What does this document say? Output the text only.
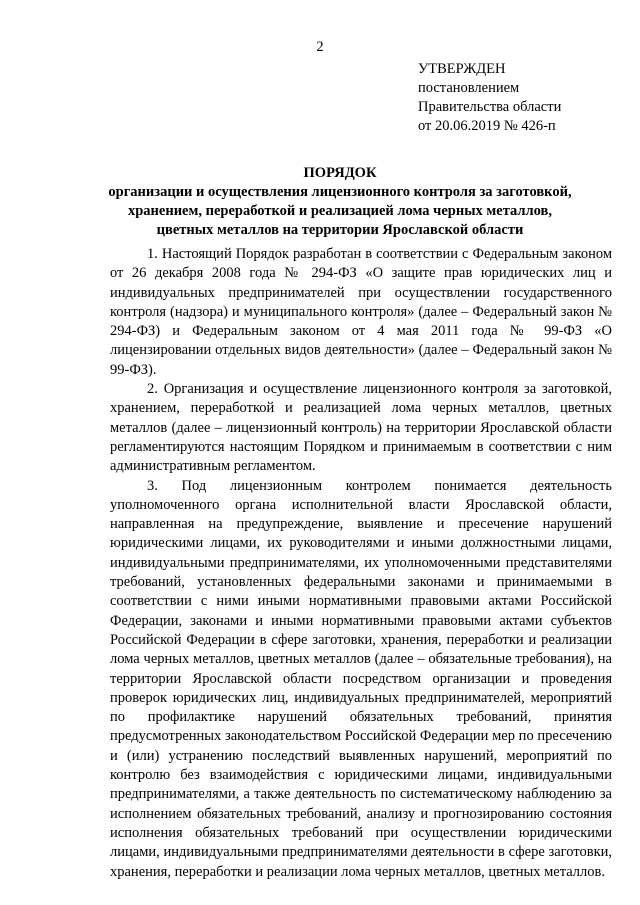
2
УТВЕРЖДЕН
постановлением
Правительства области
от 20.06.2019 № 426-п
ПОРЯДОК
организации и осуществления лицензионного контроля за заготовкой,
хранением, переработкой и реализацией лома черных металлов,
цветных металлов на территории Ярославской области

1. Настоящий Порядок разработан в соответствии с Федеральным законом от 26 декабря 2008 года № 294-ФЗ «О защите прав юридических лиц и индивидуальных предпринимателей при осуществлении государственного контроля (надзора) и муниципального контроля» (далее – Федеральный закон № 294-ФЗ) и Федеральным законом от 4 мая 2011 года № 99-ФЗ «О лицензировании отдельных видов деятельности» (далее – Федеральный закон № 99-ФЗ).

2. Организация и осуществление лицензионного контроля за заготовкой, хранением, переработкой и реализацией лома черных металлов, цветных металлов (далее – лицензионный контроль) на территории Ярославской области регламентируются настоящим Порядком и принимаемым в соответствии с ним административным регламентом.

3. Под лицензионным контролем понимается деятельность уполномоченного органа исполнительной власти Ярославской области, направленная на предупреждение, выявление и пресечение нарушений юридическими лицами, их руководителями и иными должностными лицами, индивидуальными предпринимателями, их уполномоченными представителями требований, установленных федеральными законами и принимаемыми в соответствии с ними иными нормативными правовыми актами Российской Федерации, законами и иными нормативными правовыми актами субъектов Российской Федерации в сфере заготовки, хранения, переработки и реализации лома черных металлов, цветных металлов (далее – обязательные требования), на территории Ярославской области посредством организации и проведения проверок юридических лиц, индивидуальных предпринимателей, мероприятий по профилактике нарушений обязательных требований, принятия предусмотренных законодательством Российской Федерации мер по пресечению и (или) устранению последствий выявленных нарушений, мероприятий по контролю без взаимодействия с юридическими лицами, индивидуальными предпринимателями, а также деятельность по систематическому наблюдению за исполнением обязательных требований, анализу и прогнозированию состояния исполнения обязательных требований при осуществлении юридическими лицами, индивидуальными предпринимателями деятельности в сфере заготовки, хранения, переработки и реализации лома черных металлов, цветных металлов.
